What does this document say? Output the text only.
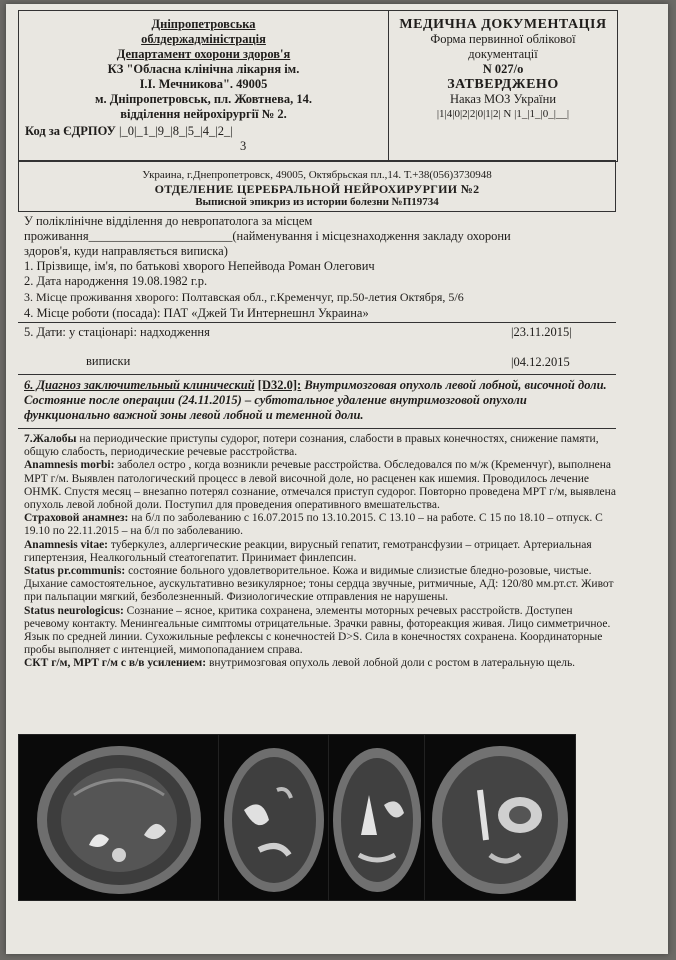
Дніпропетровська
облдержадміністрація
Департамент охорони здоров'я
КЗ "Обласна клінічна лікарня ім.
І.І. Мечникова". 49005
м. Дніпропетровськ, пл. Жовтнева, 14.
відділення нейрохірургії № 2.
Код за ЄДРПОУ |_0|_1_|9_|8_|5_|4_|2_|
3
МЕДИЧНА ДОКУМЕНТАЦІЯ
Форма первинної облікової
документації
N 027/о
ЗАТВЕРДЖЕНО
Наказ МОЗ України
|1|4|0|2|2|0|1|2| N |1_|1_|0_|__|
Украина, г.Днепропетровск, 49005, Октябрьская пл.,14. Т.+38(056)3730948
ОТДЕЛЕНИЕ ЦЕРЕБРАЛЬНОЙ НЕЙРОХИРУРГИИ №2
Выписной эпикриз из истории болезни №П19734
У поліклінічне відділення до невропатолога за місцем
проживання_______________________(найменування і місцезнаходження закладу охорони
здоров'я, куди направляється виписка)
1. Прізвище, ім'я, по батькові хворого Непейвода Роман Олегович
2. Дата народження 19.08.1982 г.р.
3. Місце проживання хворого: Полтавская обл., г.Кременчуг, пр.50-летия Октября, 5/6
4. Місце роботи (посада): ПАТ «Джей Ти Интернешнл Украина»
5. Дати: у стаціонарі: надходження	|23.11.2015|
виписки	|04.12.2015
6. Диагноз заключительный клинический [D32.0]: Внутримозговая опухоль левой лобной, височной доли. Состояние после операции (24.11.2015) – субтотальное удаление внутримозговой опухоли функционально важной зоны левой лобной и теменной доли.
7.Жалобы на периодические приступы судорог, потери сознания, слабости в правых конечностях, снижение памяти, общую слабость, периодические речевые расстройства.
Anamnesis morbi: заболел остро , когда возникли речевые расстройства. Обследовался по м/ж (Кременчуг), выполнена МРТ г/м. Выявлен патологический процесс в левой височной доле, но расценен как ишемия. Проводилось лечение ОНМК. Спустя месяц – внезапно потерял сознание, отмечался приступ судорог. Повторно проведена МРТ г/м, выявлена опухоль левой лобной доли. Поступил для проведения оперативного вмешательства.
Страховой анамнез: на б/л по заболеванию с 16.07.2015 по 13.10.2015. С 13.10 – на работе. С 15 по 18.10 – отпуск. С 19.10 по 22.11.2015 – на б/л по заболеванию.
Anamnesis vitae: туберкулез, аллергические реакции, вирусный гепатит, гемотрансфузии – отрицает. Артериальная гипертензия, Неалкогольный стеатогепатит. Принимает финлепсин.
Status pr.communis: состояние больного удовлетворительное. Кожа и видимые слизистые бледно-розовые, чистые. Дыхание самостоятельное, аускультативно везикулярное; тоны сердца звучные, ритмичные, АД: 120/80 мм.рт.ст. Живот при пальпации мягкий, безболезненный. Физиологические отправления не нарушены.
Status neurologicus: Сознание – ясное, критика сохранена, элементы моторных речевых расстройств. Доступен речевому контакту. Менингеальные симптомы отрицательные. Зрачки равны, фотореакция живая. Лицо симметричное. Язык по средней линии. Сухожильные рефлексы с конечностей D>S. Сила в конечностях сохранена. Координаторные пробы выполняет с интенцией, мимопопаданием справа.
СКТ г/м, МРТ г/м с в/в усилением: внутримозговая опухоль левой лобной доли с ростом в латеральную щель.
